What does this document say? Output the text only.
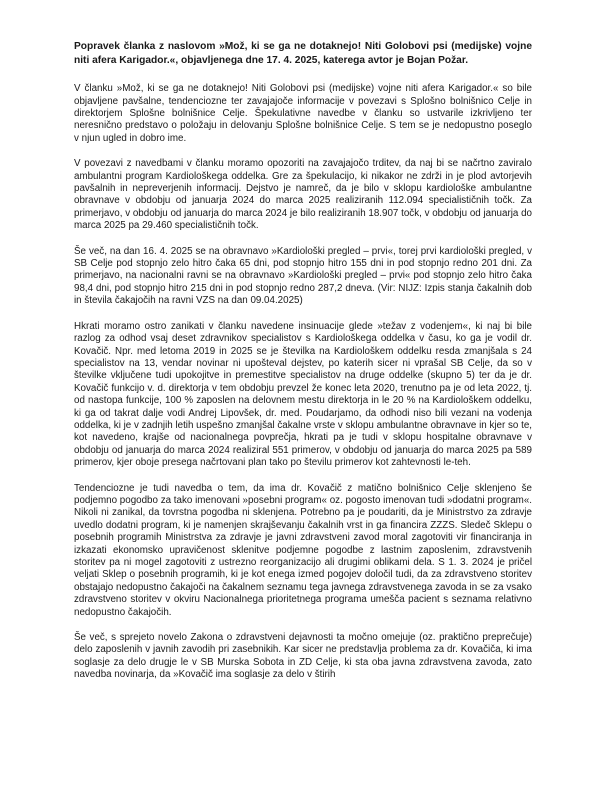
Popravek članka z naslovom »Mož, ki se ga ne dotaknejo! Niti Golobovi psi (medijske) vojne niti afera Karigador.«, objavljenega dne 17. 4. 2025, katerega avtor je Bojan Požar.

V članku »Mož, ki se ga ne dotaknejo! Niti Golobovi psi (medijske) vojne niti afera Karigador.« so bile objavljene pavšalne, tendenciozne ter zavajajoče informacije v povezavi s Splošno bolnišnico Celje in direktorjem Splošne bolnišnice Celje. Špekulativne navedbe v članku so ustvarile izkrivljeno ter neresnično predstavo o položaju in delovanju Splošne bolnišnice Celje. S tem se je nedopustno poseglo v njun ugled in dobro ime.

V povezavi z navedbami v članku moramo opozoriti na zavajajočo trditev, da naj bi se načrtno zaviralo ambulantni program Kardiološkega oddelka. Gre za špekulacijo, ki nikakor ne zdrži in je plod avtorjevih pavšalnih in nepreverjenih informacij. Dejstvo je namreč, da je bilo v sklopu kardiološke ambulantne obravnave v obdobju od januarja 2024 do marca 2025 realiziranih 112.094 specialističnih točk. Za primerjavo, v obdobju od januarja do marca 2024 je bilo realiziranih 18.907 točk, v obdobju od januarja do marca 2025 pa 29.460 specialističnih točk.

Še več, na dan 16. 4. 2025 se na obravnavo »Kardiološki pregled – prvi«, torej prvi kardiološki pregled, v SB Celje pod stopnjo zelo hitro čaka 65 dni, pod stopnjo hitro 155 dni in pod stopnjo redno 201 dni. Za primerjavo, na nacionalni ravni se na obravnavo »Kardiološki pregled – prvi« pod stopnjo zelo hitro čaka 98,4 dni, pod stopnjo hitro 215 dni in pod stopnjo redno 287,2 dneva. (Vir: NIJZ: Izpis stanja čakalnih dob in števila čakajočih na ravni VZS na dan 09.04.2025)

Hkrati moramo ostro zanikati v članku navedene insinuacije glede »težav z vodenjem«, ki naj bi bile razlog za odhod vsaj deset zdravnikov specialistov s Kardiološkega oddelka v času, ko ga je vodil dr. Kovačič. Npr. med letoma 2019 in 2025 se je številka na Kardiološkem oddelku resda zmanjšala s 24 specialistov na 13, vendar novinar ni upošteval dejstev, po katerih sicer ni vprašal SB Celje, da so v številke vključene tudi upokojitve in premestitve specialistov na druge oddelke (skupno 5) ter da je dr. Kovačič funkcijo v. d. direktorja v tem obdobju prevzel že konec leta 2020, trenutno pa je od leta 2022, tj. od nastopa funkcije, 100 % zaposlen na delovnem mestu direktorja in le 20 % na Kardiološkem oddelku, ki ga od takrat dalje vodi Andrej Lipovšek, dr. med. Poudarjamo, da odhodi niso bili vezani na vodenja oddelka, ki je v zadnjih letih uspešno zmanjšal čakalne vrste v sklopu ambulantne obravnave in kjer so te, kot navedeno, krajše od nacionalnega povprečja, hkrati pa je tudi v sklopu hospitalne obravnave v obdobju od januarja do marca 2024 realiziral 551 primerov, v obdobju od januarja do marca 2025 pa 589 primerov, kjer oboje presega načrtovani plan tako po številu primerov kot zahtevnosti le-teh.

Tendenciozne je tudi navedba o tem, da ima dr. Kovačič z matično bolnišnico Celje sklenjeno še podjemno pogodbo za tako imenovani »posebni program« oz. pogosto imenovan tudi »dodatni program«. Nikoli ni zanikal, da tovrstna pogodba ni sklenjena. Potrebno pa je poudariti, da je Ministrstvo za zdravje uvedlo dodatni program, ki je namenjen skrajševanju čakalnih vrst in ga financira ZZZS. Sledeč Sklepu o posebnih programih Ministrstva za zdravje je javni zdravstveni zavod moral zagotoviti vir financiranja in izkazati ekonomsko upravičenost sklenitve podjemne pogodbe z lastnim zaposlenim, zdravstvenih storitev pa ni mogel zagotoviti z ustrezno reorganizacijo ali drugimi oblikami dela. S 1. 3. 2024 je pričel veljati Sklep o posebnih programih, ki je kot enega izmed pogojev določil tudi, da za zdravstveno storitev obstajajo nedopustno čakajoči na čakalnem seznamu tega javnega zdravstvenega zavoda in se za vsako zdravstveno storitev v okviru Nacionalnega prioritetnega programa umešča pacient s seznama relativno nedopustno čakajočih.

Še več, s sprejeto novelo Zakona o zdravstveni dejavnosti ta močno omejuje (oz. praktično preprečuje) delo zaposlenih v javnih zavodih pri zasebnikih. Kar sicer ne predstavlja problema za dr. Kovačiča, ki ima soglasje za delo drugje le v SB Murska Sobota in ZD Celje, ki sta oba javna zdravstvena zavoda, zato navedba novinarja, da »Kovačič ima soglasje za delo v štirih
